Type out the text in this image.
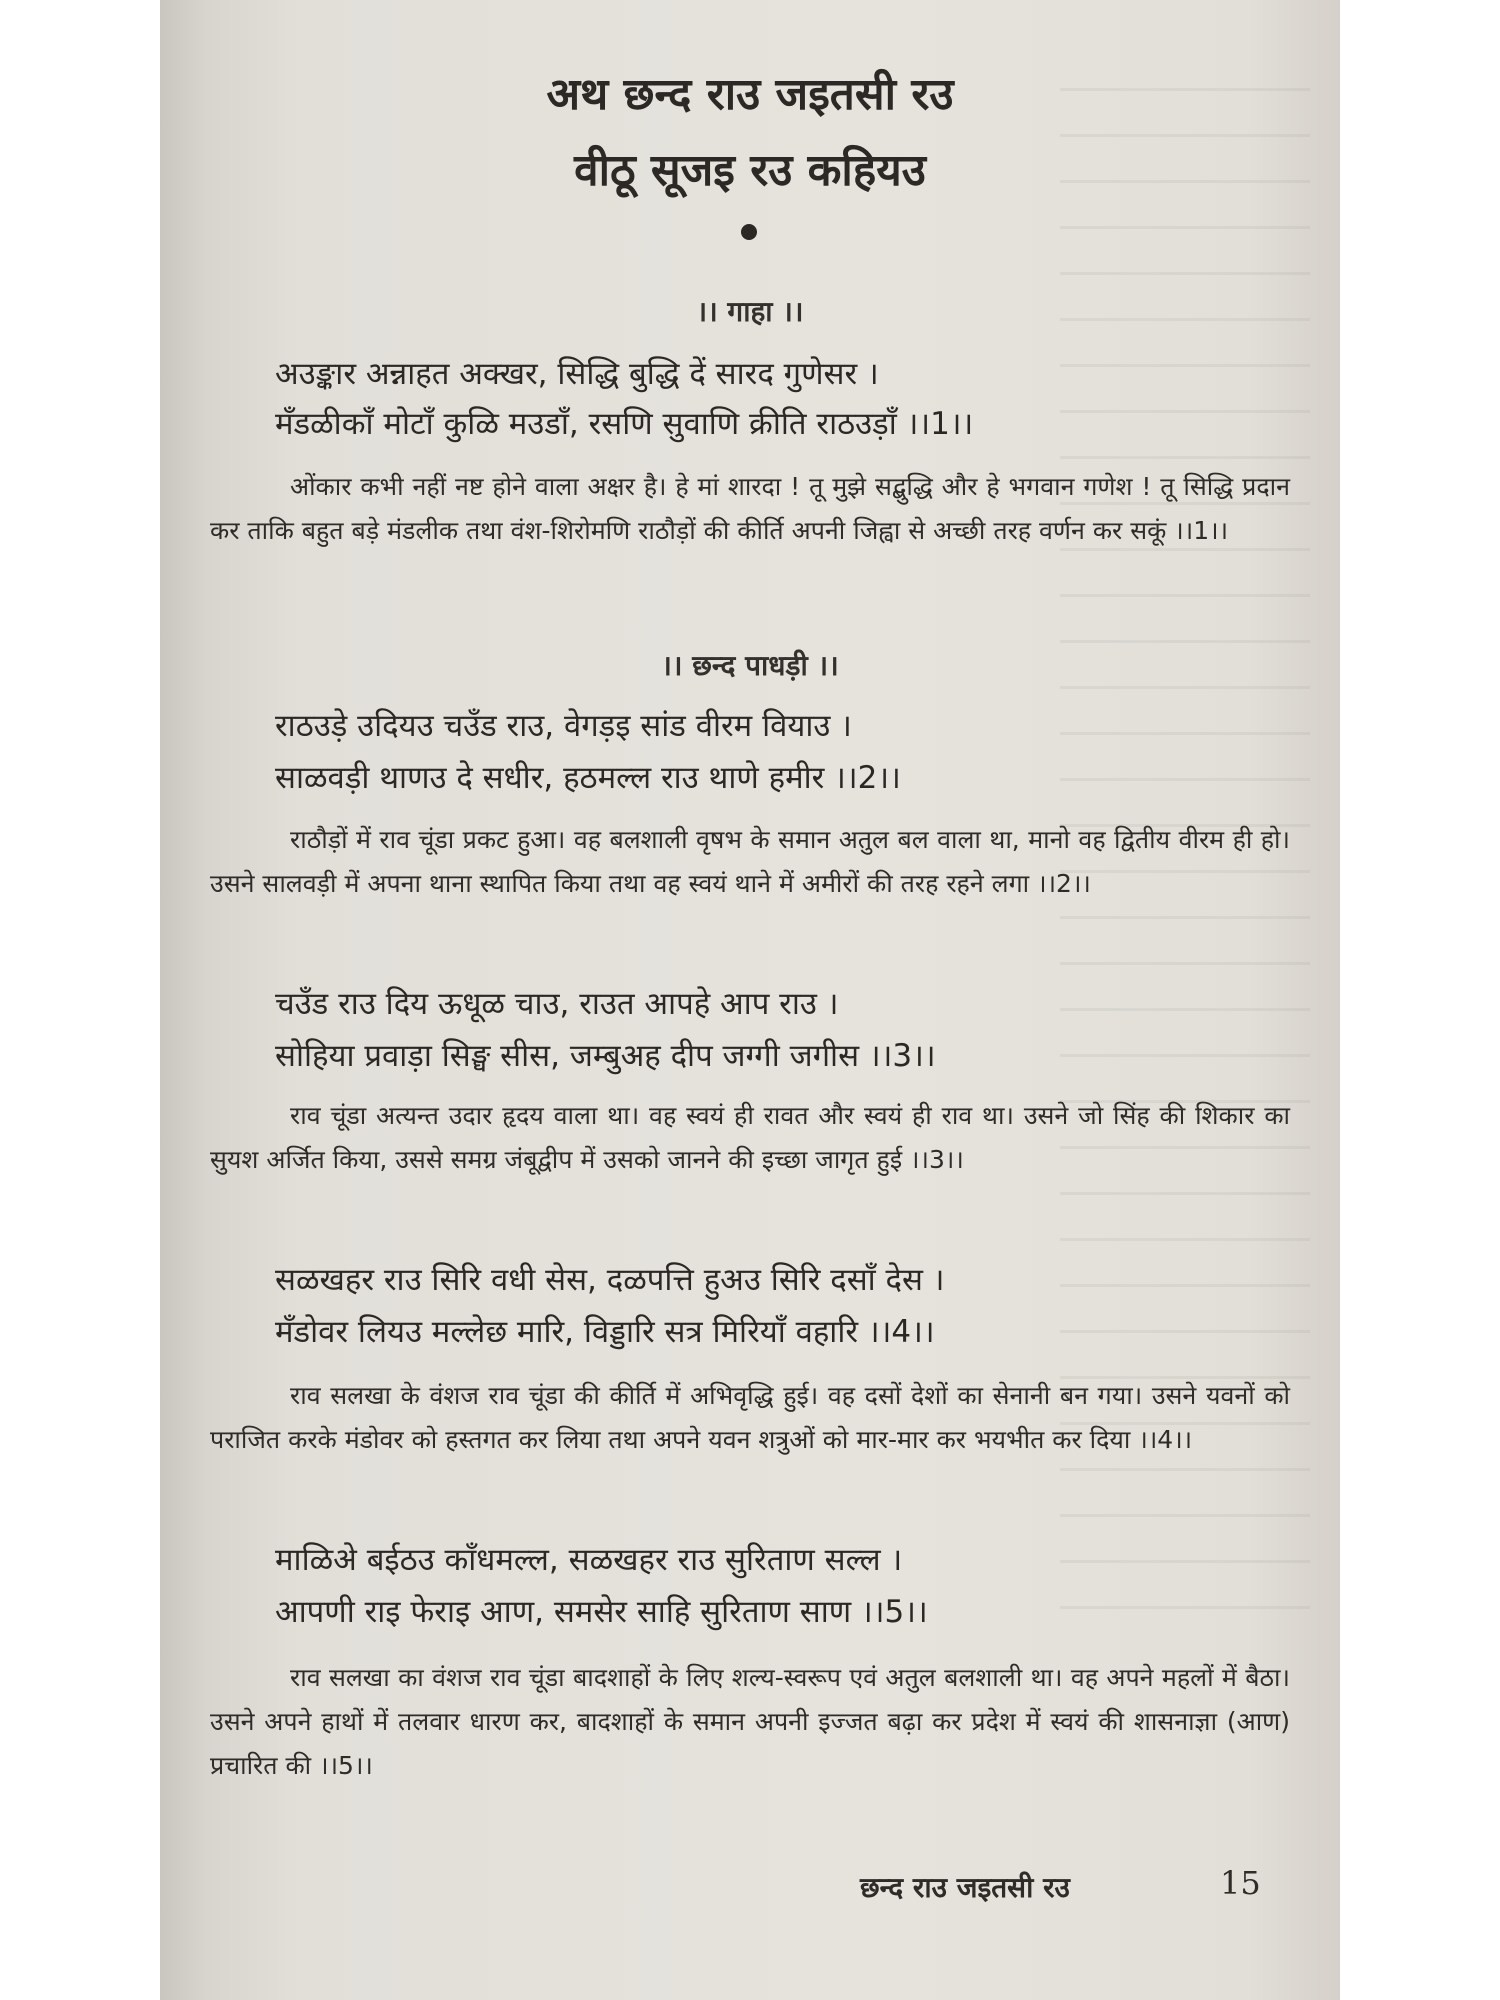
अथ छन्द राउ जइतसी रउ
वीठू सूजइ रउ कहियउ
।। गाहा ।।

अउङ्कार अन्नाहत अक्खर, सिद्धि बुद्धि दें सारद गुणेसर ।

मँडळीकाँ मोटाँ कुळि मउडाँ, रसणि सुवाणि क्रीति राठउड़ाँ ।।1।।

ओंकार कभी नहीं नष्ट होने वाला अक्षर है। हे मां शारदा ! तू मुझे सद्बुद्धि और हे भगवान गणेश ! तू सिद्धि प्रदान कर ताकि बहुत बड़े मंडलीक तथा वंश-शिरोमणि राठौड़ों की कीर्ति अपनी जिह्वा से अच्छी तरह वर्णन कर सकूं ।।1।।

।। छन्द पाधड़ी ।।

राठउड़े उदियउ चउँड राउ, वेगड़इ सांड वीरम वियाउ ।

साळवड़ी थाणउ दे सधीर, हठमल्ल राउ थाणे हमीर ।।2।।

राठौड़ों में राव चूंडा प्रकट हुआ। वह बलशाली वृषभ के समान अतुल बल वाला था, मानो वह द्वितीय वीरम ही हो। उसने सालवड़ी में अपना थाना स्थापित किया तथा वह स्वयं थाने में अमीरों की तरह रहने लगा ।।2।।

चउँड राउ दिय ऊधूळ चाउ, राउत आपहे आप राउ ।

सोहिया प्रवाड़ा सिङ्घ सीस, जम्बुअह दीप जग्गी जगीस ।।3।।

राव चूंडा अत्यन्त उदार हृदय वाला था। वह स्वयं ही रावत और स्वयं ही राव था। उसने जो सिंह की शिकार का सुयश अर्जित किया, उससे समग्र जंबूद्वीप में उसको जानने की इच्छा जागृत हुई ।।3।।

सळखहर राउ सिरि वधी सेस, दळपत्ति हुअउ सिरि दसाँ देस ।

मँडोवर लियउ मल्लेछ मारि, विड्डारि सत्र मिरियाँ वहारि ।।4।।

राव सलखा के वंशज राव चूंडा की कीर्ति में अभिवृद्धि हुई। वह दसों देशों का सेनानी बन गया। उसने यवनों को पराजित करके मंडोवर को हस्तगत कर लिया तथा अपने यवन शत्रुओं को मार-मार कर भयभीत कर दिया ।।4।।

माळिअे बईठउ काँधमल्ल, सळखहर राउ सुरिताण सल्ल ।

आपणी राइ फेराइ आण, समसेर साहि सुरिताण साण ।।5।।

राव सलखा का वंशज राव चूंडा बादशाहों के लिए शल्य-स्वरूप एवं अतुल बलशाली था। वह अपने महलों में बैठा। उसने अपने हाथों में तलवार धारण कर, बादशाहों के समान अपनी इज्जत बढ़ा कर प्रदेश में स्वयं की शासनाज्ञा (आण) प्रचारित की ।।5।।

छन्द राउ जइतसी रउ	15
